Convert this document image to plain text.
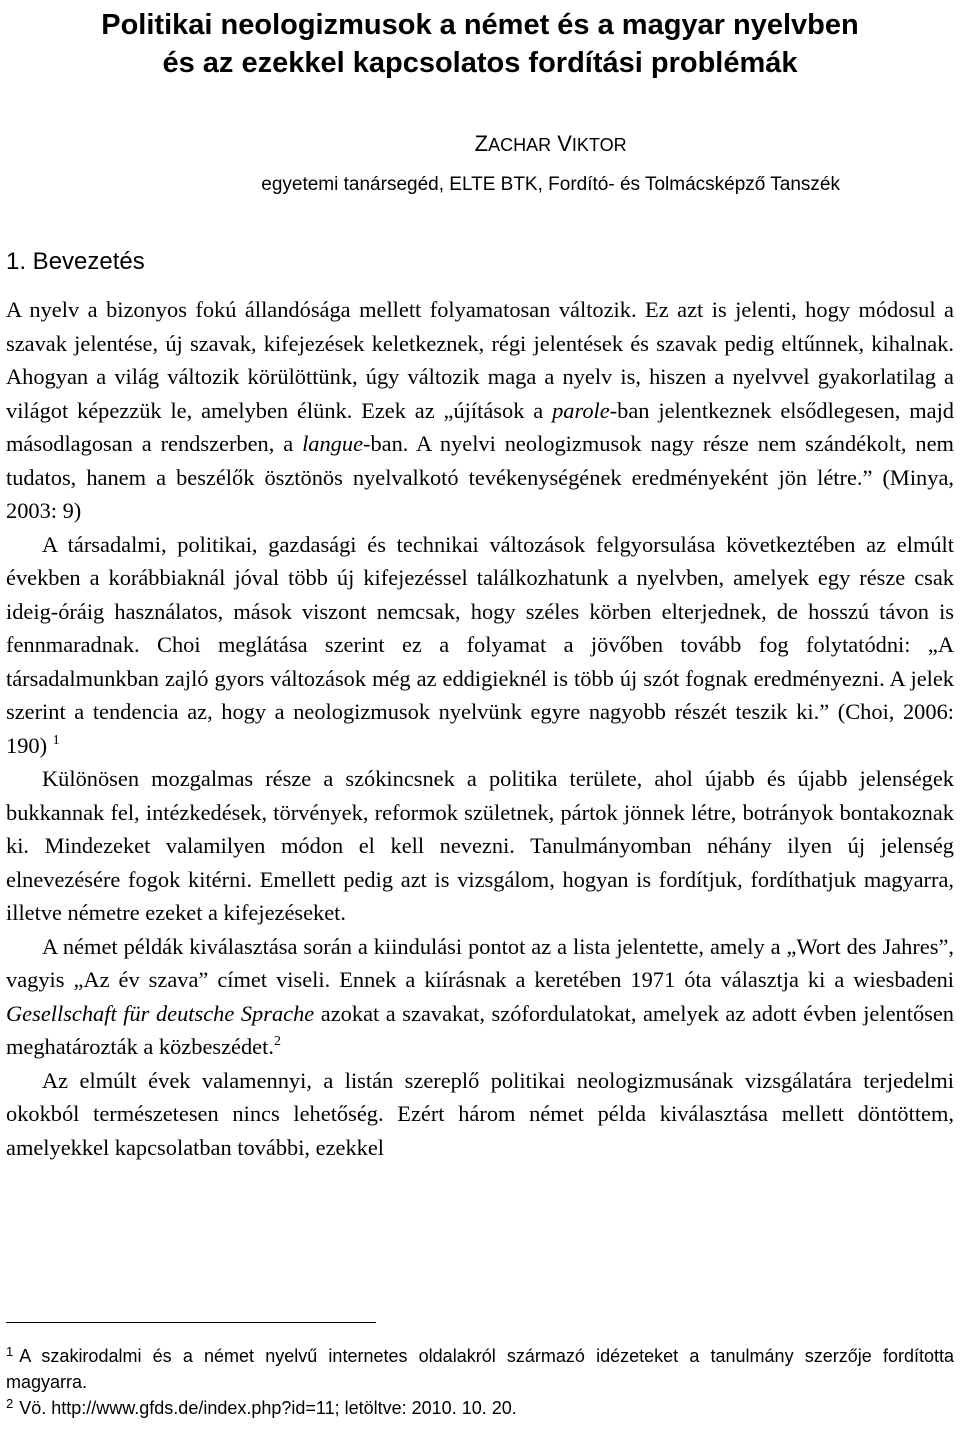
Politikai neologizmusok a német és a magyar nyelvben
és az ezekkel kapcsolatos fordítási problémák
ZACHAR VIKTOR
egyetemi tanársegéd, ELTE BTK, Fordító- és Tolmácsképző Tanszék
1. Bevezetés

A nyelv a bizonyos fokú állandósága mellett folyamatosan változik. Ez azt is jelenti, hogy módosul a szavak jelentése, új szavak, kifejezések keletkeznek, régi jelentések és szavak pedig eltűnnek, kihalnak. Ahogyan a világ változik körülöttünk, úgy változik maga a nyelv is, hiszen a nyelvvel gyakorlatilag a világot képezzük le, amelyben élünk. Ezek az „újítások a parole-ban jelentkeznek elsődlegesen, majd másodlagosan a rendszerben, a langue-ban. A nyelvi neologizmusok nagy része nem szándékolt, nem tudatos, hanem a beszélők ösztönös nyelvalkotó tevékenységének eredményeként jön létre.” (Minya, 2003: 9)

A társadalmi, politikai, gazdasági és technikai változások felgyorsulása következtében az elmúlt években a korábbiaknál jóval több új kifejezéssel találkozhatunk a nyelvben, amelyek egy része csak ideig-óráig használatos, mások viszont nemcsak, hogy széles körben elterjednek, de hosszú távon is fennmaradnak. Choi meglátása szerint ez a folyamat a jövőben tovább fog folytatódni: „A társadalmunkban zajló gyors változások még az eddigieknél is több új szót fognak eredményezni. A jelek szerint a tendencia az, hogy a neologizmusok nyelvünk egyre nagyobb részét teszik ki.” (Choi, 2006: 190) $^1$

Különösen mozgalmas része a szókincsnek a politika területe, ahol újabb és újabb jelenségek bukkannak fel, intézkedések, törvények, reformok születnek, pártok jönnek létre, botrányok bontakoznak ki. Mindezeket valamilyen módon el kell nevezni. Tanulmányomban néhány ilyen új jelenség elnevezésére fogok kitérni. Emellett pedig azt is vizsgálom, hogyan is fordítjuk, fordíthatjuk magyarra, illetve németre ezeket a kifejezéseket.

A német példák kiválasztása során a kiindulási pontot az a lista jelentette, amely a „Wort des Jahres”, vagyis „Az év szava” címet viseli. Ennek a kiírásnak a keretében 1971 óta választja ki a wiesbadeni Gesellschaft für deutsche Sprache azokat a szavakat, szófordulatokat, amelyek az adott évben jelentősen meghatározták a közbeszédet.$^2$

Az elmúlt évek valamennyi, a listán szereplő politikai neologizmusának vizsgálatára terjedelmi okokból természetesen nincs lehetőség. Ezért három német példa kiválasztása mellett döntöttem, amelyekkel kapcsolatban további, ezekkel

$^1$ A szakirodalmi és a német nyelvű internetes oldalakról származó idézeteket a tanulmány szerzője fordította magyarra.

$^2$ Vö. http://www.gfds.de/index.php?id=11; letöltve: 2010. 10. 20.
